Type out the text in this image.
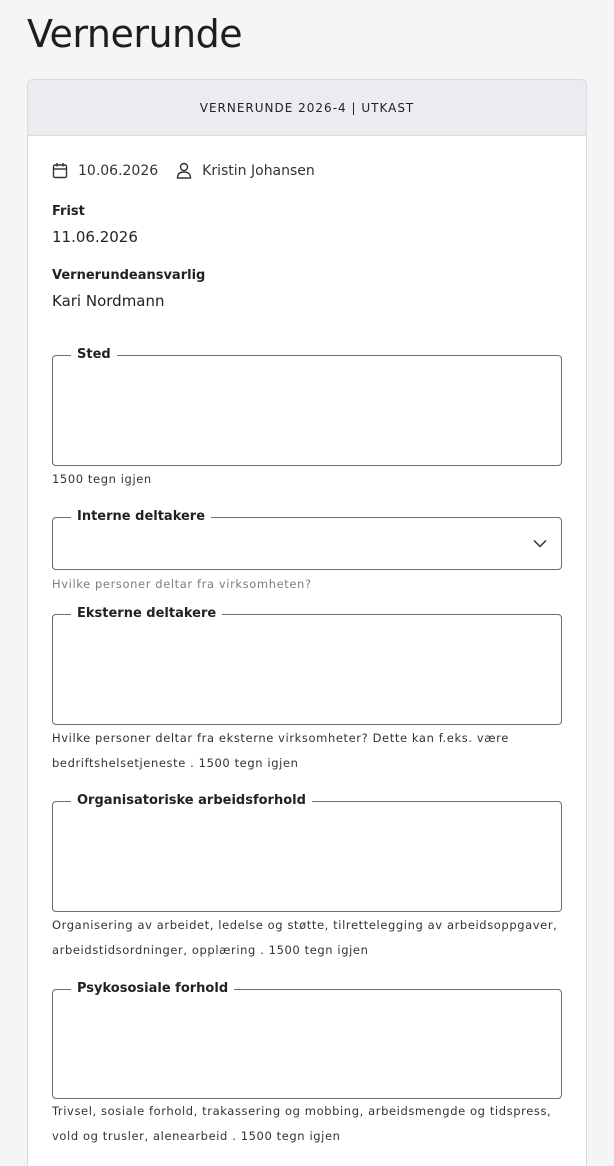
Vernerunde
VERNERUNDE 2026-4 | UTKAST
10.06.2026	Kristin Johansen
Frist
11.06.2026
Vernerundeansvarlig
Kari Nordmann
Sted
1500 tegn igjen
Interne deltakere
Hvilke personer deltar fra virksomheten?
Eksterne deltakere
Hvilke personer deltar fra eksterne virksomheter? Dette kan f.eks. være bedriftshelsetjeneste . 1500 tegn igjen
Organisatoriske arbeidsforhold
Organisering av arbeidet, ledelse og støtte, tilrettelegging av arbeidsoppgaver, arbeidstidsordninger, opplæring . 1500 tegn igjen
Psykososiale forhold
Trivsel, sosiale forhold, trakassering og mobbing, arbeidsmengde og tidspress, vold og trusler, alenearbeid . 1500 tegn igjen
